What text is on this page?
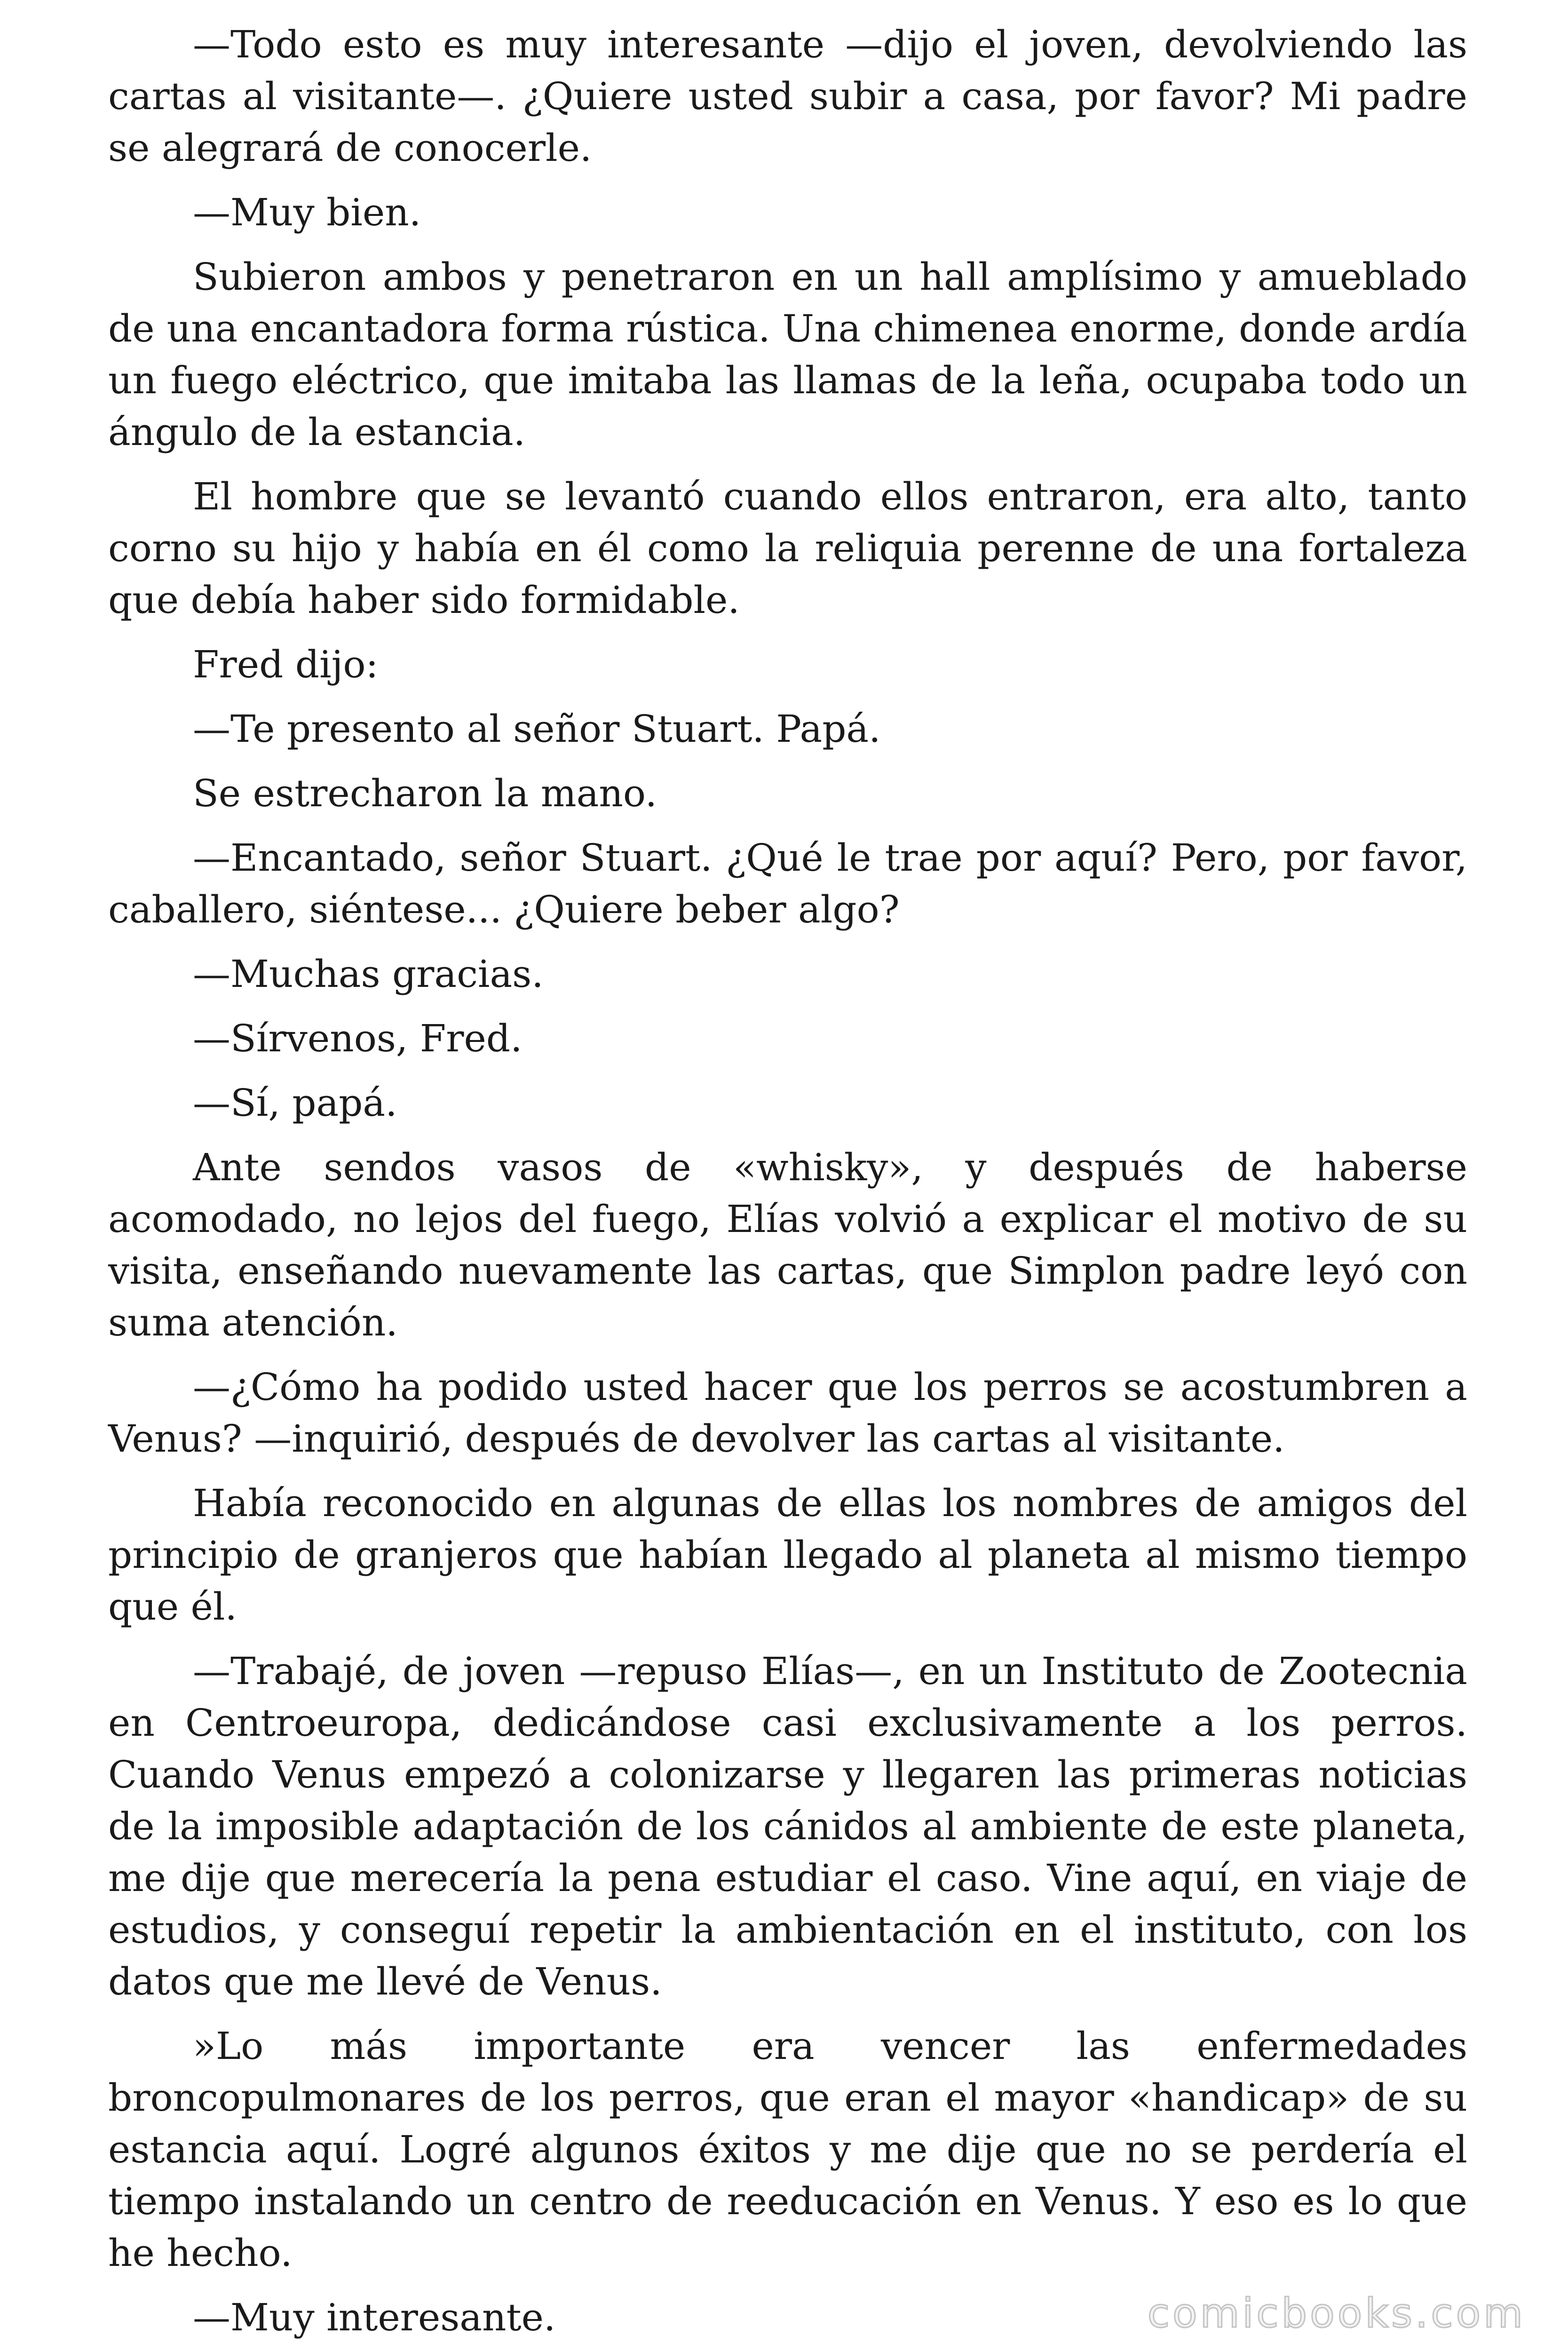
—Todo esto es muy interesante —dijo el joven, devolviendo las cartas al visitante—. ¿Quiere usted subir a casa, por favor? Mi padre se alegrará de conocerle.

—Muy bien.

Subieron ambos y penetraron en un hall amplísimo y amueblado de una encantadora forma rústica. Una chimenea enorme, donde ardía un fuego eléctrico, que imitaba las llamas de la leña, ocupaba todo un ángulo de la estancia.

El hombre que se levantó cuando ellos entraron, era alto, tanto corno su hijo y había en él como la reliquia perenne de una fortaleza que debía haber sido formidable.

Fred dijo:

—Te presento al señor Stuart. Papá.

Se estrecharon la mano.

—Encantado, señor Stuart. ¿Qué le trae por aquí? Pero, por favor, caballero, siéntese... ¿Quiere beber algo?

—Muchas gracias.

—Sírvenos, Fred.

—Sí, papá.

Ante sendos vasos de «whisky», y después de haberse acomodado, no lejos del fuego, Elías volvió a explicar el motivo de su visita, enseñando nuevamente las cartas, que Simplon padre leyó con suma atención.

—¿Cómo ha podido usted hacer que los perros se acostumbren a Venus? —inquirió, después de devolver las cartas al visitante.

Había reconocido en algunas de ellas los nombres de amigos del principio de granjeros que habían llegado al planeta al mismo tiempo que él.

—Trabajé, de joven —repuso Elías—, en un Instituto de Zootecnia en Centroeuropa, dedicándose casi exclusivamente a los perros. Cuando Venus empezó a colonizarse y llegaren las primeras noticias de la imposible adaptación de los cánidos al ambiente de este planeta, me dije que merecería la pena estudiar el caso. Vine aquí, en viaje de estudios, y conseguí repetir la ambientación en el instituto, con los datos que me llevé de Venus.

»Lo más importante era vencer las enfermedades broncopulmonares de los perros, que eran el mayor «handicap» de su estancia aquí. Logré algunos éxitos y me dije que no se perdería el tiempo instalando un centro de reeducación en Venus. Y eso es lo que he hecho.

—Muy interesante.	comicbooks.com
